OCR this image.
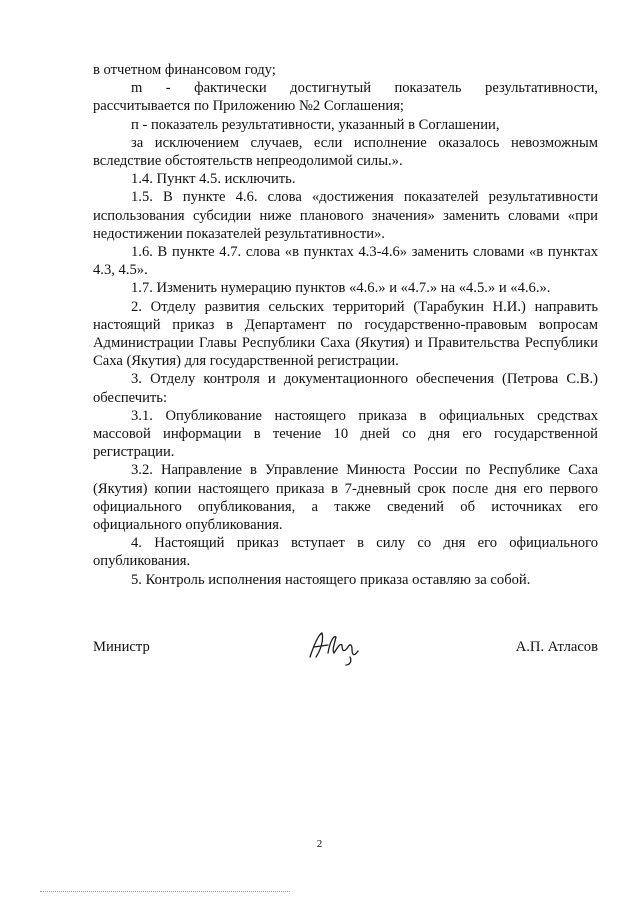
в отчетном финансовом году;

m - фактически достигнутый показатель результативности, рассчитывается по Приложению №2 Соглашения;

п - показатель результативности, указанный в Соглашении,

за исключением случаев, если исполнение оказалось невозможным вследствие обстоятельств непреодолимой силы.».

1.4. Пункт 4.5. исключить.

1.5. В пункте 4.6. слова «достижения показателей результативности использования субсидии ниже планового значения» заменить словами «при недостижении показателей результативности».

1.6. В пункте 4.7. слова «в пунктах 4.3-4.6» заменить словами «в пунктах 4.3, 4.5».

1.7. Изменить нумерацию пунктов «4.6.» и «4.7.» на «4.5.» и «4.6.».

2. Отделу развития сельских территорий (Тарабукин Н.И.) направить настоящий приказ в Департамент по государственно-правовым вопросам Администрации Главы Республики Саха (Якутия) и Правительства Республики Саха (Якутия) для государственной регистрации.

3. Отделу контроля и документационного обеспечения (Петрова С.В.) обеспечить:

3.1. Опубликование настоящего приказа в официальных средствах массовой информации в течение 10 дней со дня его государственной регистрации.

3.2. Направление в Управление Минюста России по Республике Саха (Якутия) копии настоящего приказа в 7-дневный срок после дня его первого официального опубликования, а также сведений об источниках его официального опубликования.

4. Настоящий приказ вступает в силу со дня его официального опубликования.

5. Контроль исполнения настоящего приказа оставляю за собой.

Министр	А.П. Атласов
2
